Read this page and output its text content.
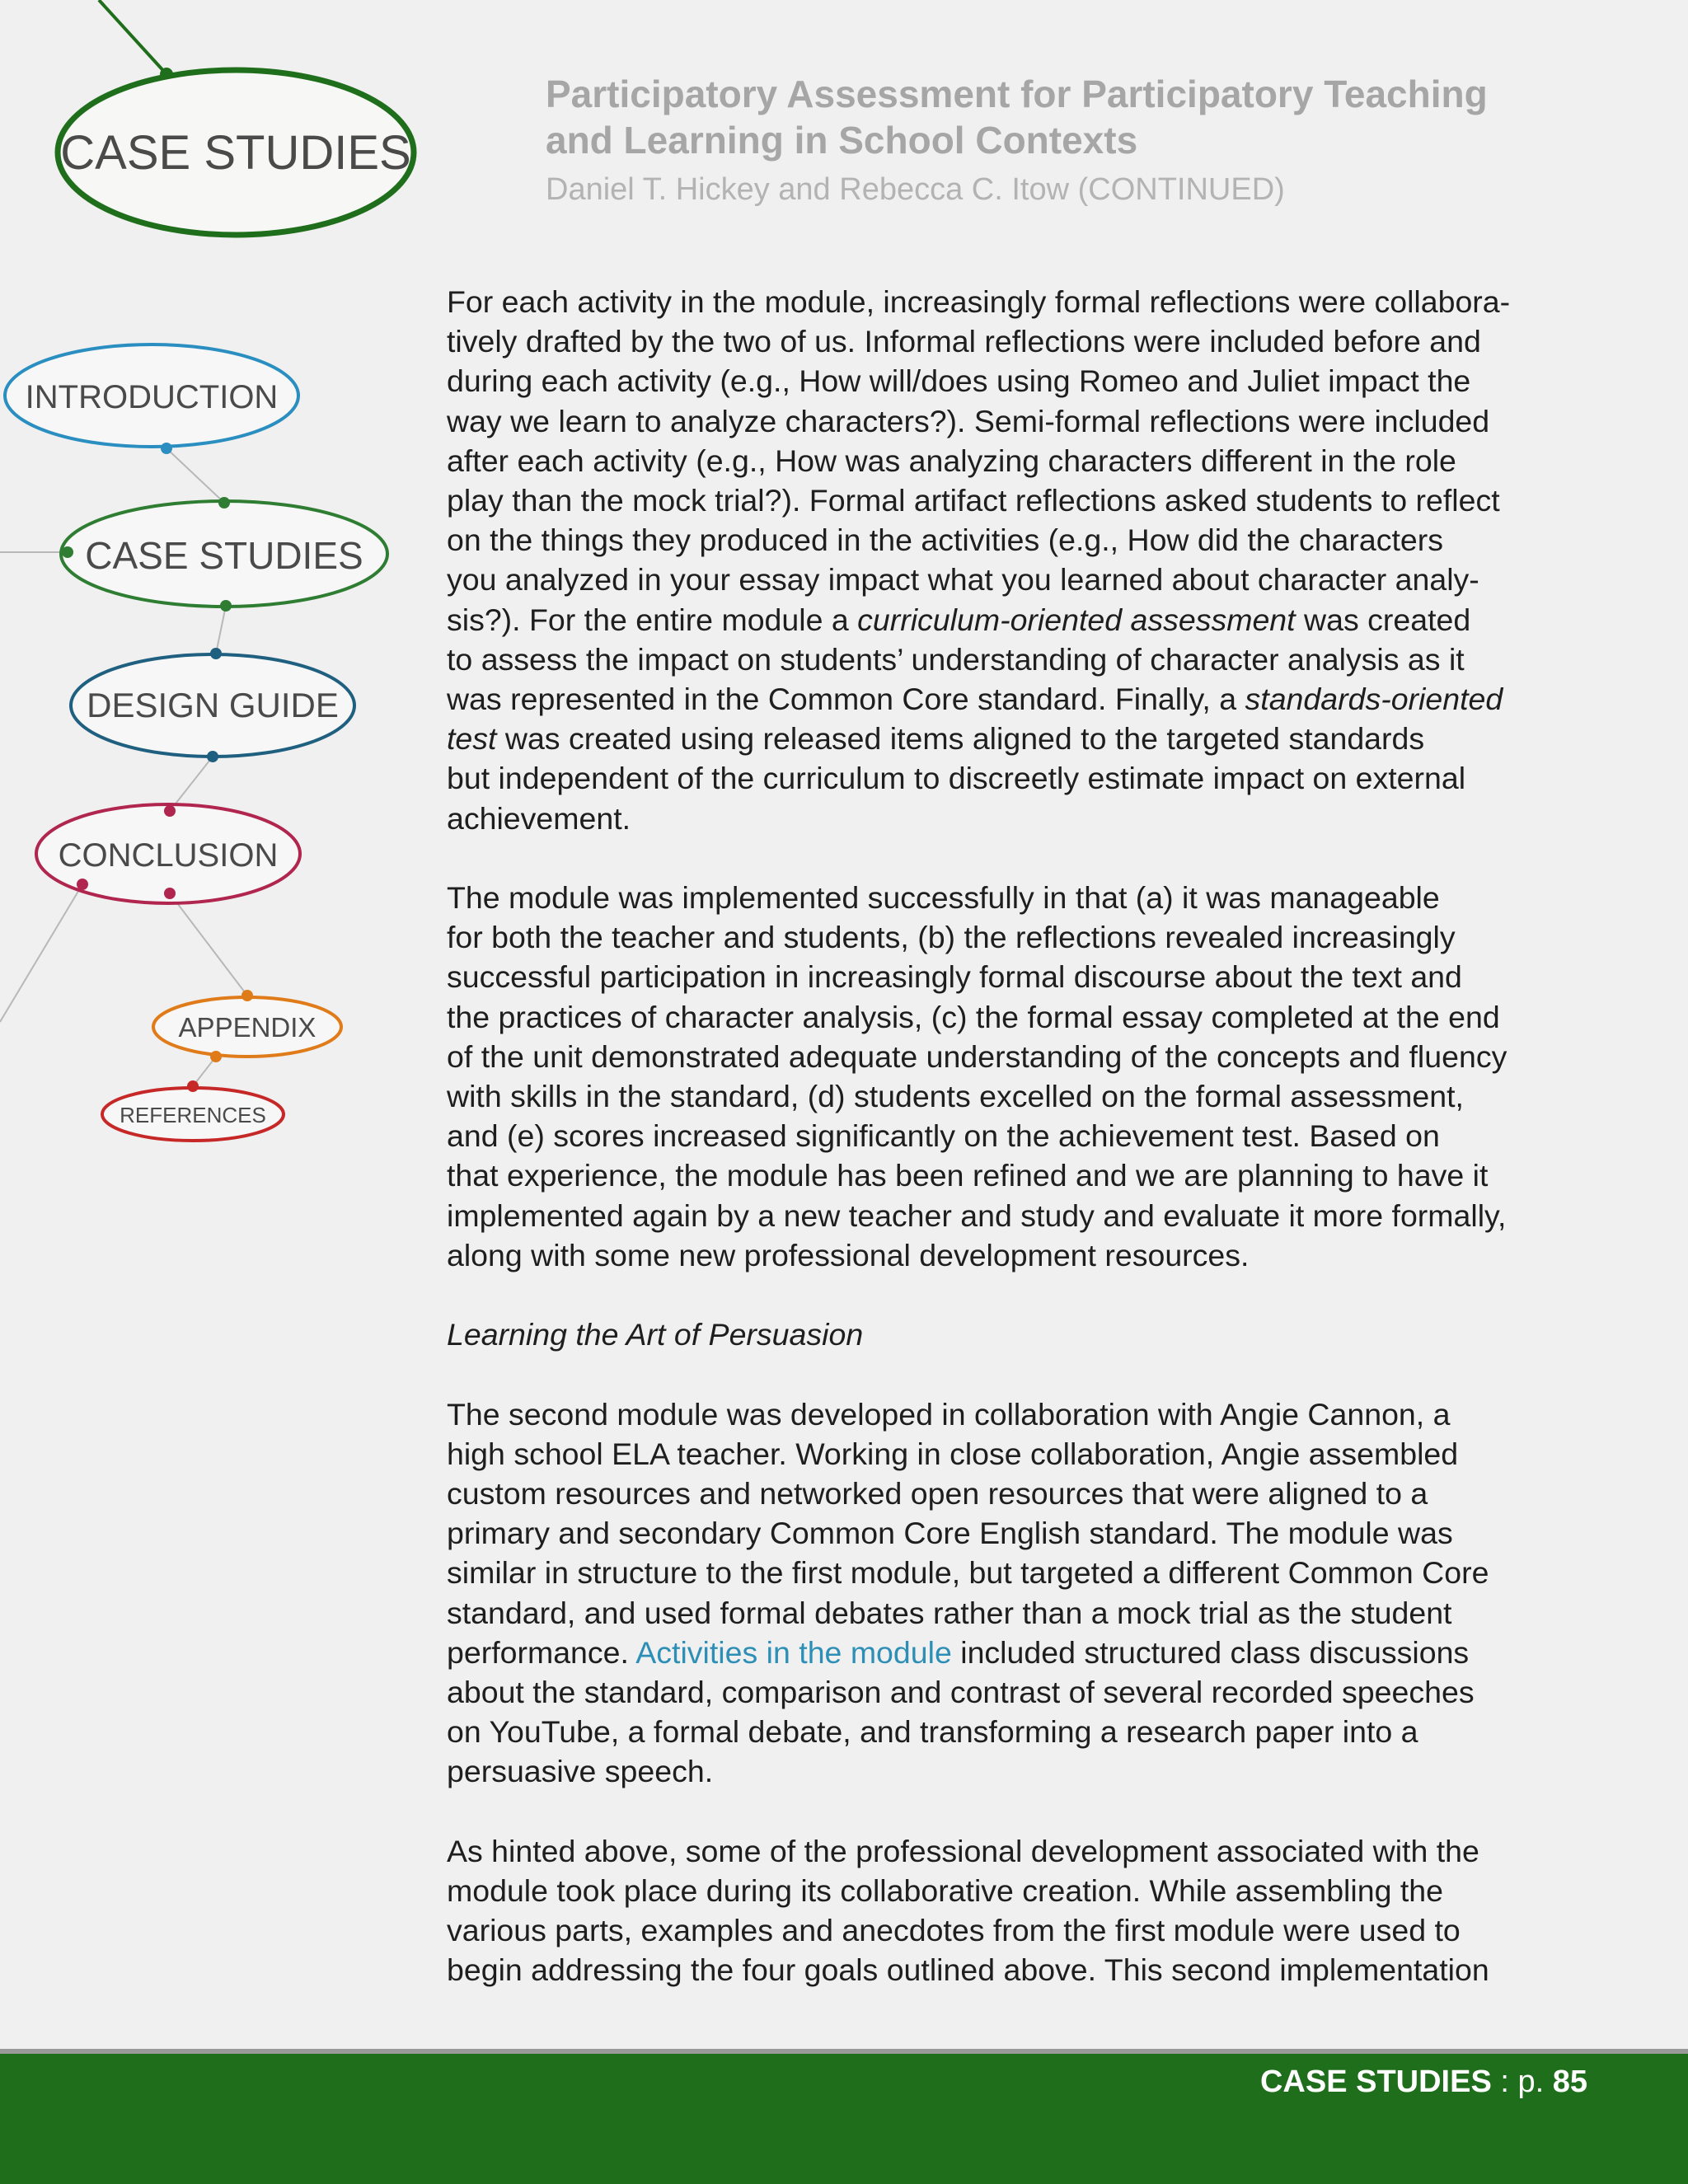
CASE STUDIES
INTRODUCTION
CASE STUDIES
DESIGN GUIDE
CONCLUSION
APPENDIX
REFERENCES
Participatory Assessment for Participatory Teaching
and Learning in School Contexts
Daniel T. Hickey and Rebecca C. Itow (CONTINUED)

For each activity in the module, increasingly formal reflections were collabora-
tively drafted by the two of us. Informal reflections were included before and
during each activity (e.g., How will/does using Romeo and Juliet impact the
way we learn to analyze characters?). Semi-formal reflections were included
after each activity (e.g., How was analyzing characters different in the role
play than the mock trial?). Formal artifact reflections asked students to reflect
on the things they produced in the activities (e.g., How did the characters
you analyzed in your essay impact what you learned about character analy-
sis?). For the entire module a curriculum-oriented assessment was created
to assess the impact on students’ understanding of character analysis as it
was represented in the Common Core standard. Finally, a standards-oriented
test was created using released items aligned to the targeted standards
but independent of the curriculum to discreetly estimate impact on external
achievement.

The module was implemented successfully in that (a) it was manageable
for both the teacher and students, (b) the reflections revealed increasingly
successful participation in increasingly formal discourse about the text and
the practices of character analysis, (c) the formal essay completed at the end
of the unit demonstrated adequate understanding of the concepts and fluency
with skills in the standard, (d) students excelled on the formal assessment,
and (e) scores increased significantly on the achievement test. Based on
that experience, the module has been refined and we are planning to have it
implemented again by a new teacher and study and evaluate it more formally,
along with some new professional development resources.

Learning the Art of Persuasion

The second module was developed in collaboration with Angie Cannon, a
high school ELA teacher. Working in close collaboration, Angie assembled
custom resources and networked open resources that were aligned to a
primary and secondary Common Core English standard. The module was
similar in structure to the first module, but targeted a different Common Core
standard, and used formal debates rather than a mock trial as the student
performance. Activities in the module included structured class discussions
about the standard, comparison and contrast of several recorded speeches
on YouTube, a formal debate, and transforming a research paper into a
persuasive speech.

As hinted above, some of the professional development associated with the
module took place during its collaborative creation. While assembling the
various parts, examples and anecdotes from the first module were used to
begin addressing the four goals outlined above. This second implementation

CASE STUDIES : p. 85
